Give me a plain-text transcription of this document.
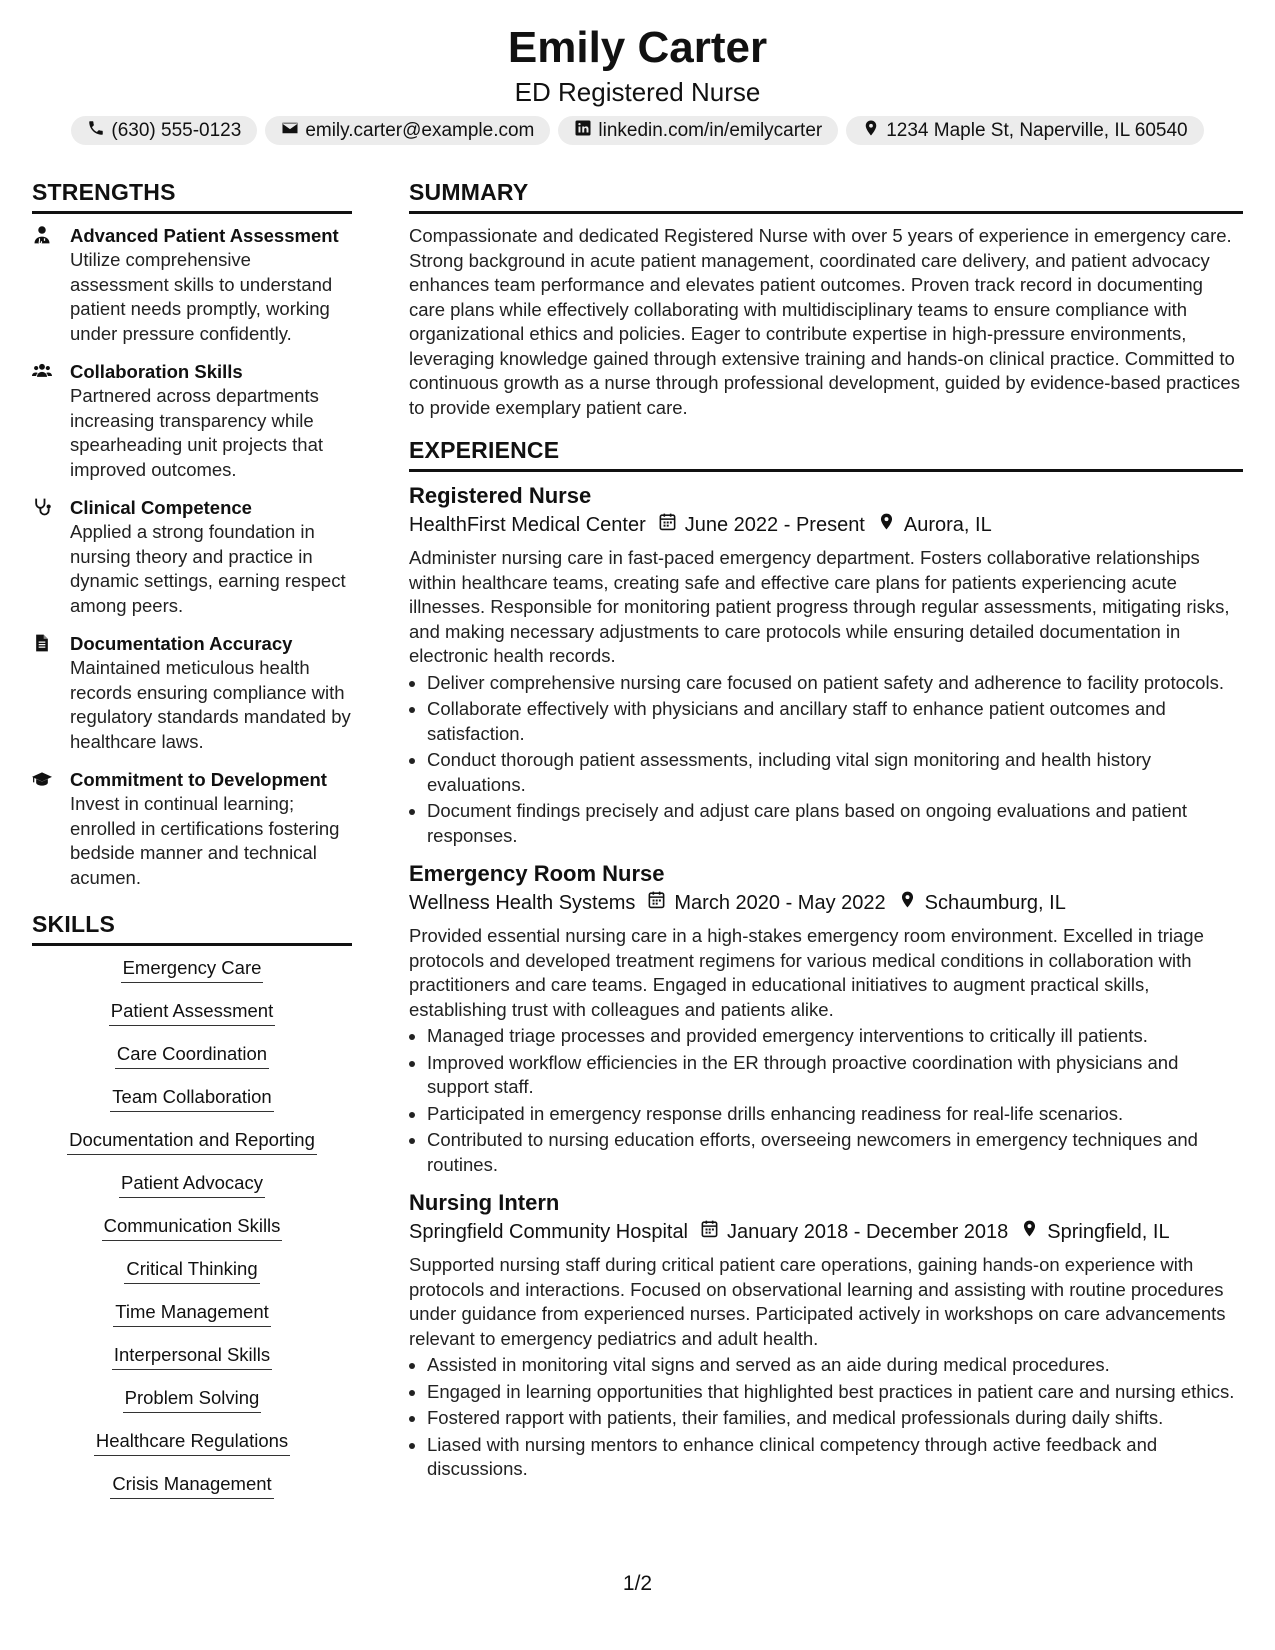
Emily Carter
ED Registered Nurse
(630) 555-0123	emily.carter@example.com	linkedin.com/in/emilycarter	1234 Maple St, Naperville, IL 60540
STRENGTHS
Advanced Patient Assessment
Utilize comprehensive assessment skills to understand patient needs promptly, working under pressure confidently.
Collaboration Skills
Partnered across departments increasing transparency while spearheading unit projects that improved outcomes.
Clinical Competence
Applied a strong foundation in nursing theory and practice in dynamic settings, earning respect among peers.
Documentation Accuracy
Maintained meticulous health records ensuring compliance with regulatory standards mandated by healthcare laws.
Commitment to Development
Invest in continual learning; enrolled in certifications fostering bedside manner and technical acumen.
SKILLS
Emergency Care
Patient Assessment
Care Coordination
Team Collaboration
Documentation and Reporting
Patient Advocacy
Communication Skills
Critical Thinking
Time Management
Interpersonal Skills
Problem Solving
Healthcare Regulations
Crisis Management
SUMMARY

Compassionate and dedicated Registered Nurse with over 5 years of experience in emergency care. Strong background in acute patient management, coordinated care delivery, and patient advocacy enhances team performance and elevates patient outcomes. Proven track record in documenting care plans while effectively collaborating with multidisciplinary teams to ensure compliance with organizational ethics and policies. Eager to contribute expertise in high-pressure environments, leveraging knowledge gained through extensive training and hands-on clinical practice. Committed to continuous growth as a nurse through professional development, guided by evidence-based practices to provide exemplary patient care.

EXPERIENCE
Registered Nurse
HealthFirst Medical Center June 2022 - Present Aurora, IL

Administer nursing care in fast-paced emergency department. Fosters collaborative relationships within healthcare teams, creating safe and effective care plans for patients experiencing acute illnesses. Responsible for monitoring patient progress through regular assessments, mitigating risks, and making necessary adjustments to care protocols while ensuring detailed documentation in electronic health records.

• Deliver comprehensive nursing care focused on patient safety and adherence to facility protocols.
• Collaborate effectively with physicians and ancillary staff to enhance patient outcomes and satisfaction.
• Conduct thorough patient assessments, including vital sign monitoring and health history evaluations.
• Document findings precisely and adjust care plans based on ongoing evaluations and patient responses.
Emergency Room Nurse
Wellness Health Systems March 2020 - May 2022 Schaumburg, IL

Provided essential nursing care in a high-stakes emergency room environment. Excelled in triage protocols and developed treatment regimens for various medical conditions in collaboration with practitioners and care teams. Engaged in educational initiatives to augment practical skills, establishing trust with colleagues and patients alike.

• Managed triage processes and provided emergency interventions to critically ill patients.
• Improved workflow efficiencies in the ER through proactive coordination with physicians and support staff.
• Participated in emergency response drills enhancing readiness for real-life scenarios.
• Contributed to nursing education efforts, overseeing newcomers in emergency techniques and routines.
Nursing Intern
Springfield Community Hospital January 2018 - December 2018 Springfield, IL

Supported nursing staff during critical patient care operations, gaining hands-on experience with protocols and interactions. Focused on observational learning and assisting with routine procedures under guidance from experienced nurses. Participated actively in workshops on care advancements relevant to emergency pediatrics and adult health.

• Assisted in monitoring vital signs and served as an aide during medical procedures.
• Engaged in learning opportunities that highlighted best practices in patient care and nursing ethics.
• Fostered rapport with patients, their families, and medical professionals during daily shifts.
• Liased with nursing mentors to enhance clinical competency through active feedback and discussions.
1/2
